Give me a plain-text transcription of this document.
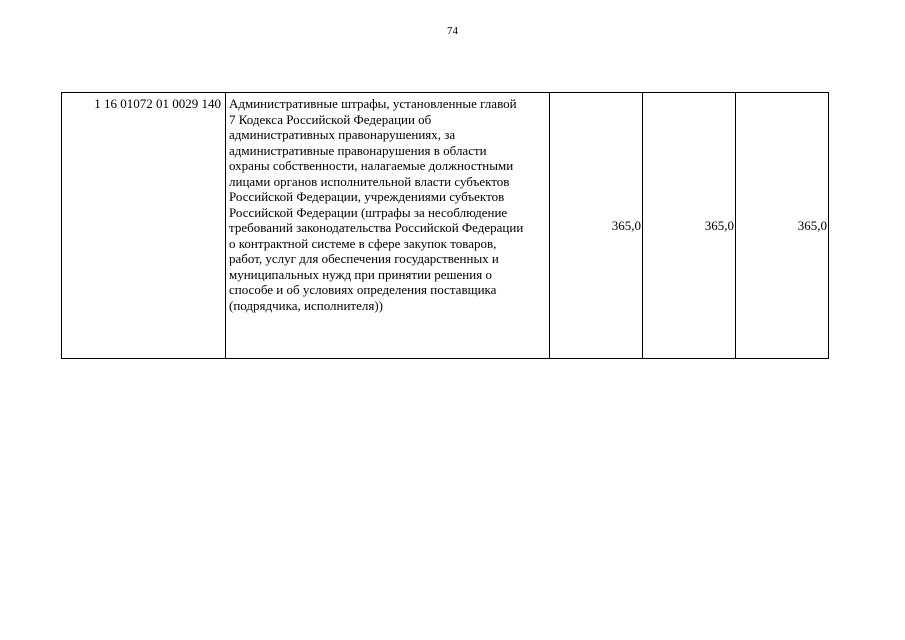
74
1 16 01072 01 0029 140	Административные штрафы, установленные главой
7 Кодекса Российской Федерации об
административных правонарушениях, за
административные правонарушения в области
охраны собственности, налагаемые должностными
лицами органов исполнительной власти субъектов
Российской Федерации, учреждениями субъектов
Российской Федерации (штрафы за несоблюдение
требований законодательства Российской Федерации
о контрактной системе в сфере закупок товаров,
работ, услуг для обеспечения государственных и
муниципальных нужд при принятии решения о
способе и об условиях определения поставщика
(подрядчика, исполнителя))
	365,0	365,0	365,0
